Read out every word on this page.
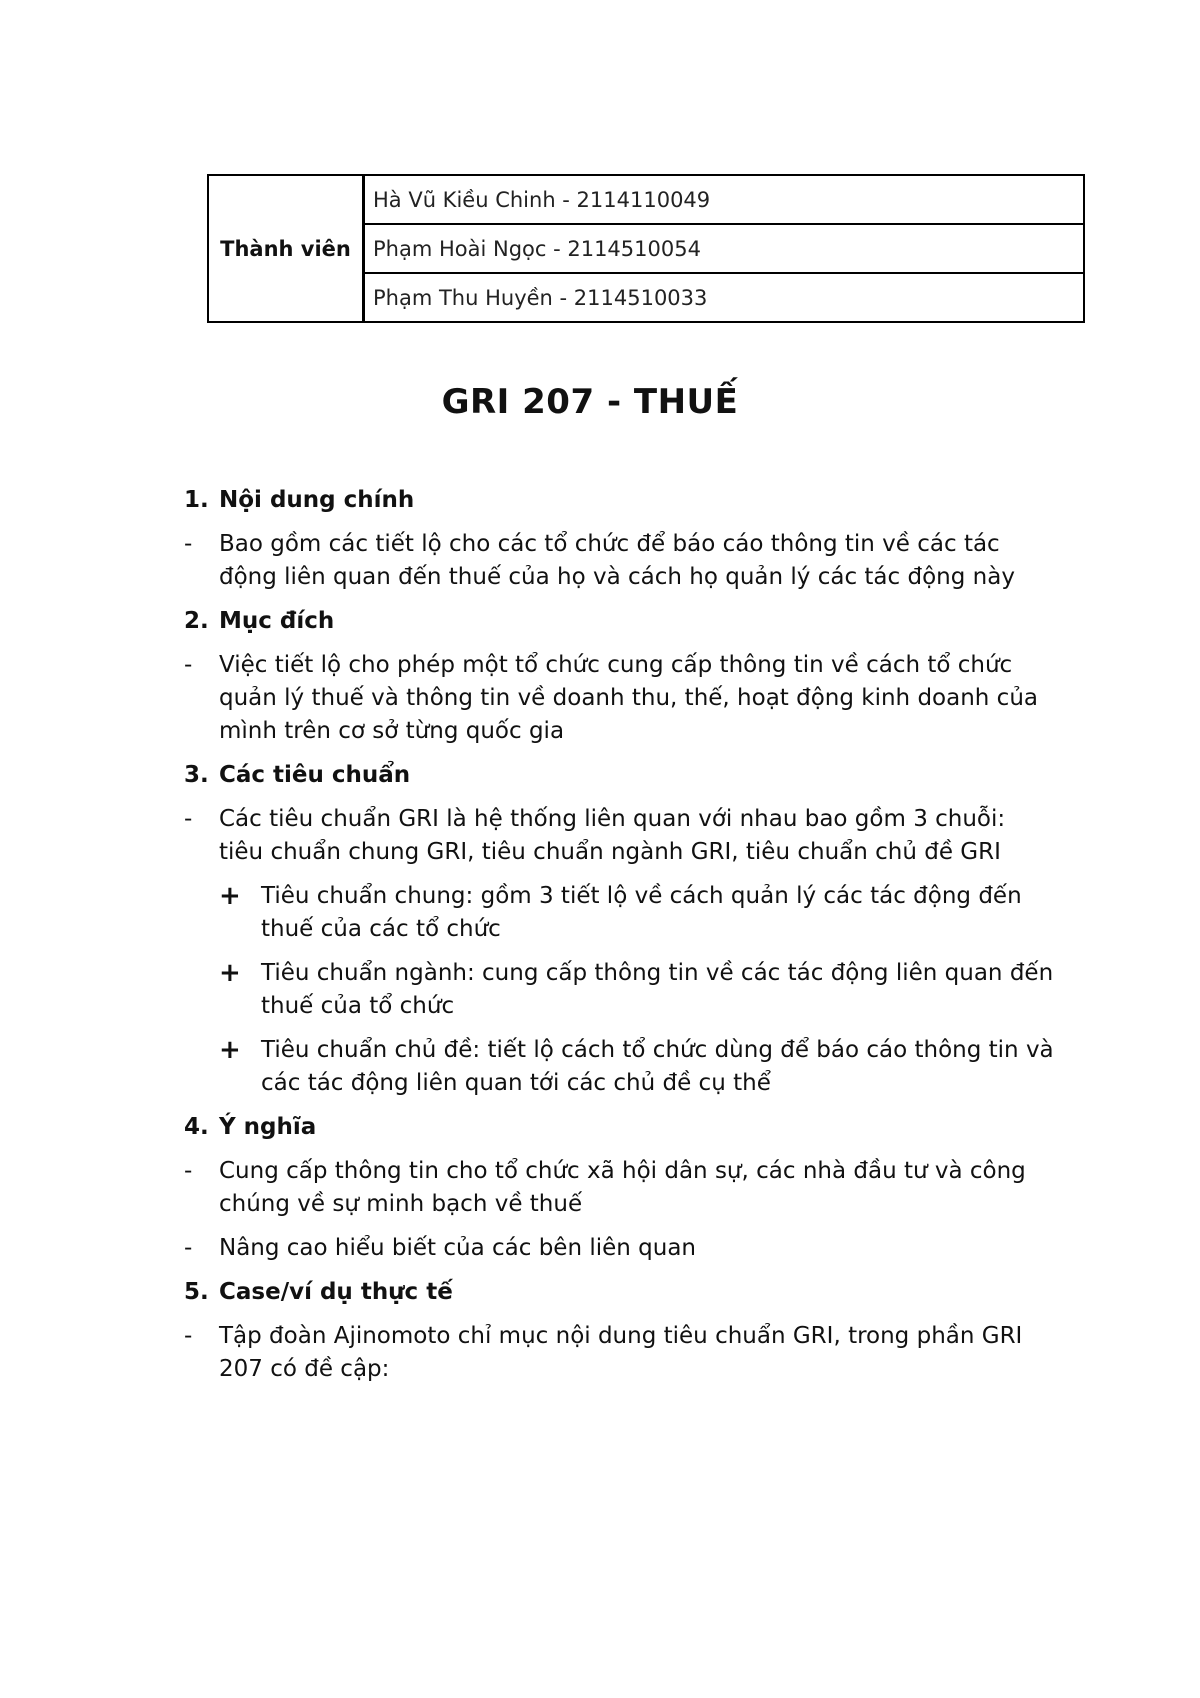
Thành viên	Hà Vũ Kiều Chinh - 2114110049
Phạm Hoài Ngọc - 2114510054
Phạm Thu Huyền - 2114510033
GRI 207 - THUẾ
1. Nội dung chính
-	Bao gồm các tiết lộ cho các tổ chức để báo cáo thông tin về các tác động liên quan đến thuế của họ và cách họ quản lý các tác động này
2. Mục đích
-	Việc tiết lộ cho phép một tổ chức cung cấp thông tin về cách tổ chức quản lý thuế và thông tin về doanh thu, thế, hoạt động kinh doanh của mình trên cơ sở từng quốc gia
3. Các tiêu chuẩn
-	Các tiêu chuẩn GRI là hệ thống liên quan với nhau bao gồm 3 chuỗi: tiêu chuẩn chung GRI, tiêu chuẩn ngành GRI, tiêu chuẩn chủ đề GRI
+ Tiêu chuẩn chung: gồm 3 tiết lộ về cách quản lý các tác động đến thuế của các tổ chức
+ Tiêu chuẩn ngành: cung cấp thông tin về các tác động liên quan đến thuế của tổ chức
+ Tiêu chuẩn chủ đề: tiết lộ cách tổ chức dùng để báo cáo thông tin và các tác động liên quan tới các chủ đề cụ thể
4. Ý nghĩa
-	Cung cấp thông tin cho tổ chức xã hội dân sự, các nhà đầu tư và công chúng về sự minh bạch về thuế
-	Nâng cao hiểu biết của các bên liên quan
5. Case/ví dụ thực tế
-	Tập đoàn Ajinomoto chỉ mục nội dung tiêu chuẩn GRI, trong phần GRI 207 có đề cập:
